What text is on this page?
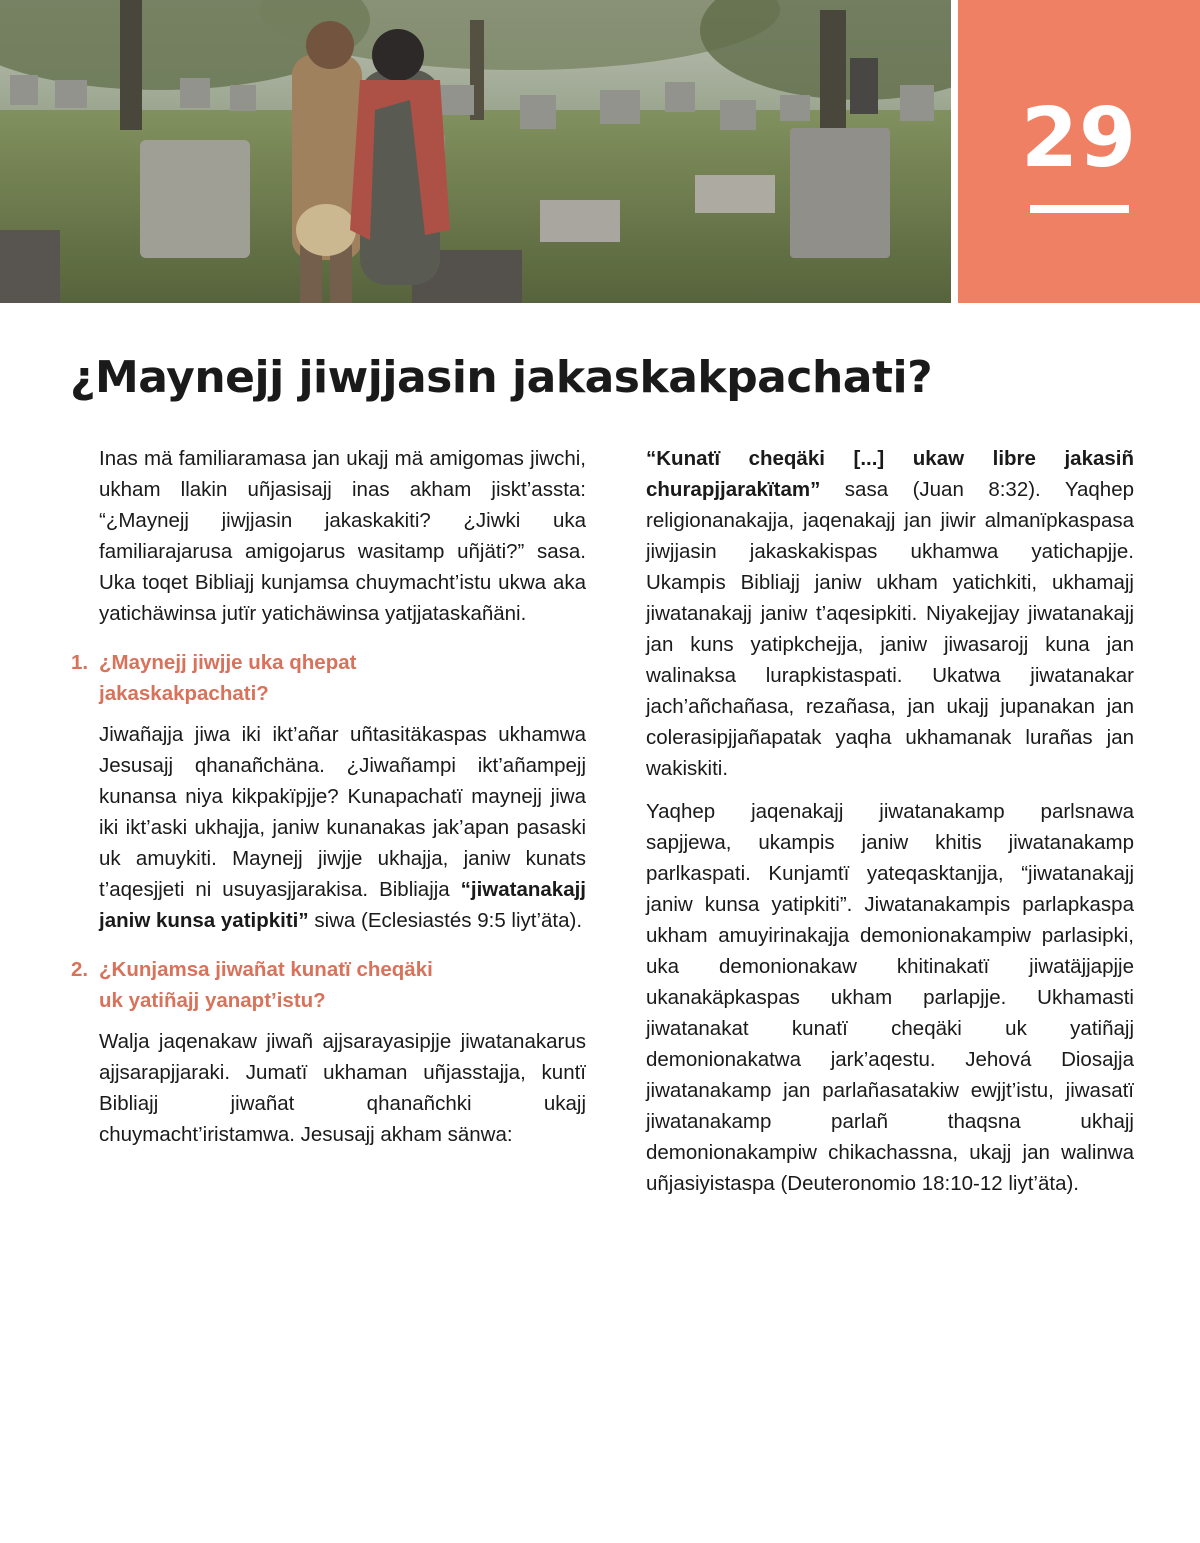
29
¿Maynejj jiwjjasin jakaskakpachati?

Inas mä familiaramasa jan ukajj mä amigomas jiwchi, ukham llakin uñjasisajj inas akham jiskt’assta: “¿Maynejj jiwjjasin jakaskakiti? ¿Jiwki uka familiarajarusa amigojarus wasitamp uñjäti?” sasa. Uka toqet Bibliajj kunjamsa chuymacht’istu ukwa aka yatichäwinsa jutïr yatichäwinsa yatjjataskañäni.

1. ¿Maynejj jiwjje uka qhepat
jakaskakpachati?

Jiwañajja jiwa iki ikt’añar uñtasitäkaspas ukhamwa Jesusajj qhanañchäna. ¿Jiwañampi ikt’añampejj kunansa niya kikpakïpjje? Kunapachatï maynejj jiwa iki ikt’aski ukhajja, janiw kunanakas jak’apan pasaski uk amuykiti. Maynejj jiwjje ukhajja, janiw kunats t’aqesjjeti ni usuyasjjarakisa. Bibliajja “jiwatanakajj janiw kunsa yatipkiti” siwa (Eclesiastés 9:5 liyt’äta).

2. ¿Kunjamsa jiwañat kunatï cheqäki
uk yatiñajj yanapt’istu?

Walja jaqenakaw jiwañ ajjsarayasipjje jiwatanakarus ajjsarapjjaraki. Jumatï ukhaman uñjasstajja, kuntï Bibliajj jiwañat qhanañchki ukajj chuymacht’iristamwa. Jesusajj akham sänwa:

“Kunatï cheqäki [...] ukaw libre jakasiñ churapjjarakïtam” sasa (Juan 8:32). Yaqhep religionanakajja, jaqenakajj jan jiwir almanïpkaspasa jiwjjasin jakaskakispas ukhamwa yatichapjje. Ukampis Bibliajj janiw ukham yatichkiti, ukhamajj jiwatanakajj janiw t’aqesipkiti. Niyakejjay jiwatanakajj jan kuns yatipkchejja, janiw jiwasarojj kuna jan walinaksa lurapkistaspati. Ukatwa jiwatanakar jach’añchañasa, rezañasa, jan ukajj jupanakan jan colerasipjjañapatak yaqha ukhamanak lurañas jan wakiskiti.

Yaqhep jaqenakajj jiwatanakamp parlsnawa sapjjewa, ukampis janiw khitis jiwatanakamp parlkaspati. Kunjamtï yateqasktanjja, “jiwatanakajj janiw kunsa yatipkiti”. Jiwatanakampis parlapkaspa ukham amuyirinakajja demonionakampiw parlasipki, uka demonionakaw khitinakatï jiwatäjjapjje ukanakäpkaspas ukham parlapjje. Ukhamasti jiwatanakat kunatï cheqäki uk yatiñajj demonionakatwa jark’aqestu. Jehová Diosajja jiwatanakamp jan parlañasatakiw ewjjt’istu, jiwasatï jiwatanakamp parlañ thaqsna ukhajj demonionakampiw chikachassna, ukajj jan walinwa uñjasiyistaspa (Deuteronomio 18:10-12 liyt’äta).
